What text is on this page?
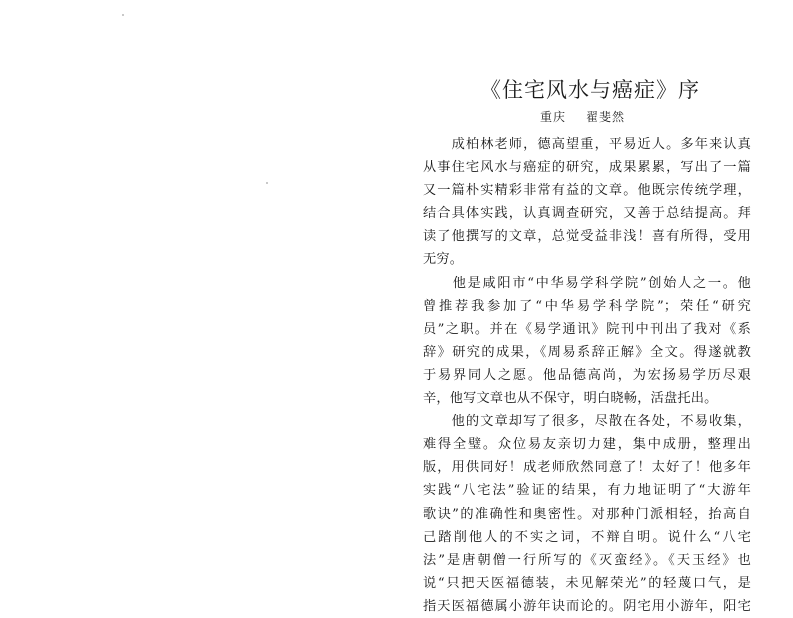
《住宅风水与癌症》序
重庆 翟斐然
　　成柏林老师，德高望重，平易近人。多年来认真
从事住宅风水与癌症的研究，成果累累，写出了一篇
又一篇朴实精彩非常有益的文章。他既宗传统学理，
结合具体实践，认真调查研究，又善于总结提高。拜
读了他撰写的文章，总觉受益非浅！喜有所得，受用
无穷。
　　他是咸阳市“中华易学科学院”创始人之一。他
曾推荐我参加了“中华易学科学院”；荣任“研究
员”之职。并在《易学通讯》院刊中刊出了我对《系
辞》研究的成果，《周易系辞正解》全文。得遂就教
于易界同人之愿。他品德高尚，为宏扬易学历尽艰
辛，他写文章也从不保守，明白晓畅，活盘托出。
　　他的文章却写了很多，尽散在各处，不易收集，
难得全璧。众位易友亲切力建，集中成册，整理出
版，用供同好！成老师欣然同意了！太好了！他多年
实践“八宅法”验证的结果，有力地证明了“大游年
歌诀”的准确性和奥密性。对那种门派相轻，抬高自
己踏削他人的不实之词，不辩自明。说什么“八宅
法”是唐朝僧一行所写的《灭蛮经》。《天玉经》也
说“只把天医福德装，未见解荣光”的轻蔑口气，是
指天医福德属小游年诀而论的。阴宅用小游年，阳宅
